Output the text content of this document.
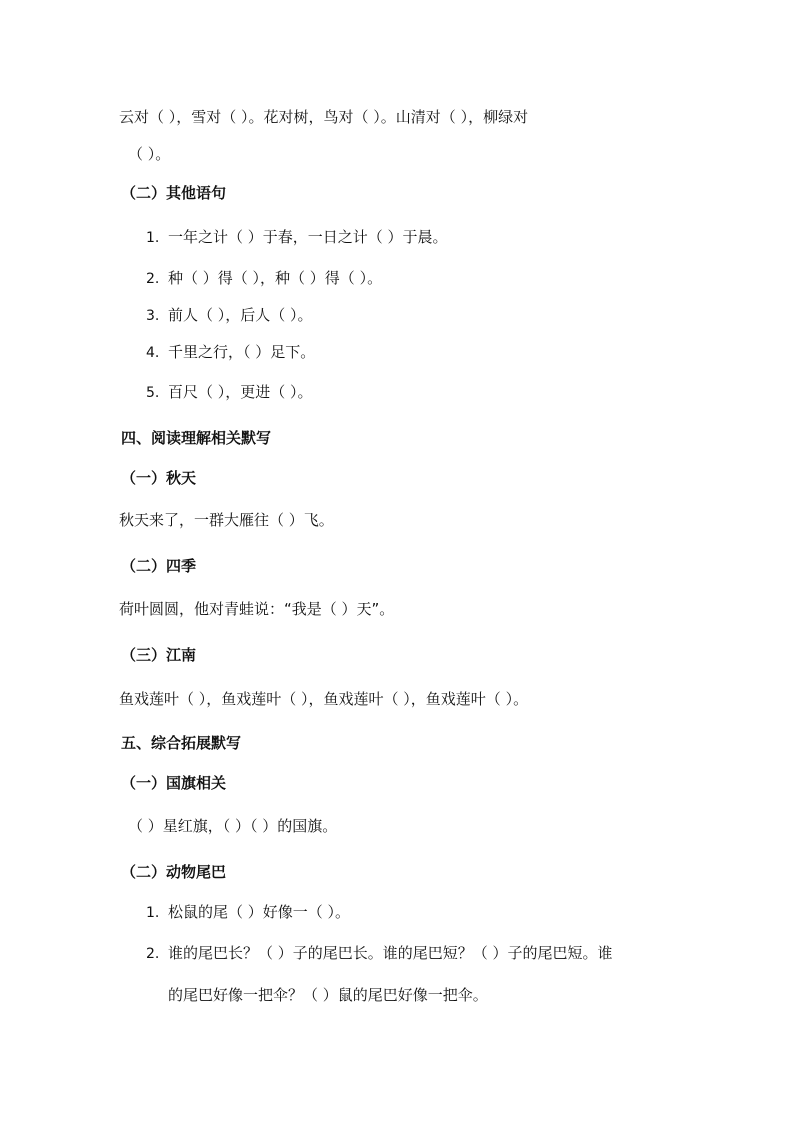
云对（ ），雪对（ ）。花对树，鸟对（ ）。山清对（ ），柳绿对
（ ）。
（二）其他语句
1. 一年之计（ ）于春，一日之计（ ）于晨。
2. 种（ ）得（ ），种（ ）得（ ）。
3. 前人（ ），后人（ ）。
4. 千里之行，（ ）足下。
5. 百尺（ ），更进（ ）。
四、阅读理解相关默写
（一）秋天
秋天来了，一群大雁往（ ）飞。
（二）四季
荷叶圆圆，他对青蛙说：“我是（ ）天”。
（三）江南
鱼戏莲叶（ ），鱼戏莲叶（ ），鱼戏莲叶（ ），鱼戏莲叶（ ）。
五、综合拓展默写
（一）国旗相关
（ ）星红旗，（ ）（ ）的国旗。
（二）动物尾巴
1. 松鼠的尾（ ）好像一（ ）。
2. 谁的尾巴长？（ ）子的尾巴长。谁的尾巴短？（ ）子的尾巴短。谁
的尾巴好像一把伞？（ ）鼠的尾巴好像一把伞。
